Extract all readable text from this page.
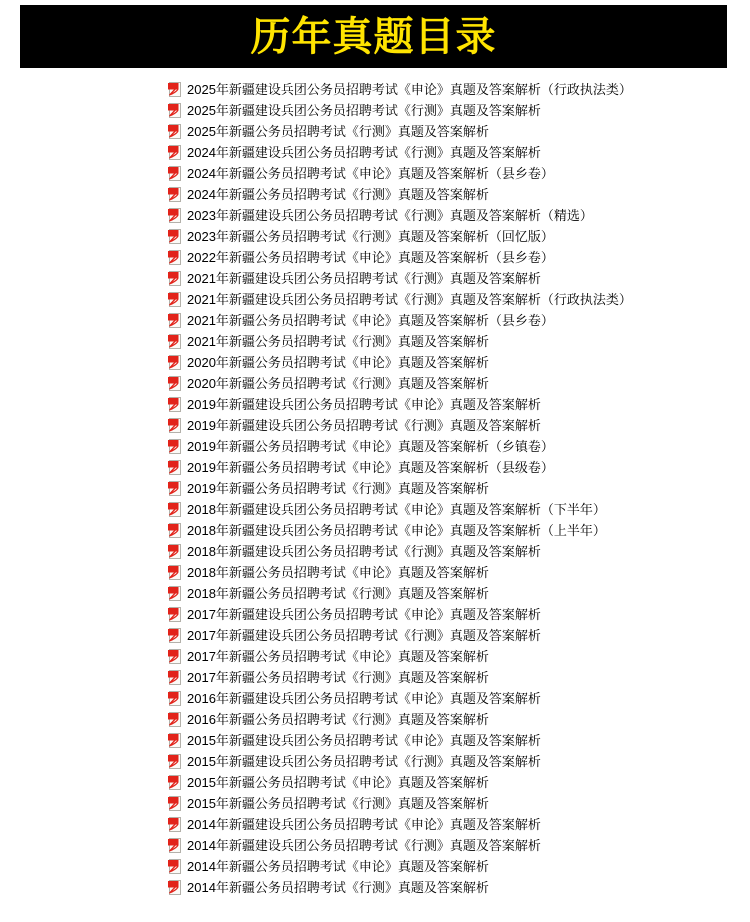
历年真题目录
2025年新疆建设兵团公务员招聘考试《申论》真题及答案解析（行政执法类）
2025年新疆建设兵团公务员招聘考试《行测》真题及答案解析
2025年新疆公务员招聘考试《行测》真题及答案解析
2024年新疆建设兵团公务员招聘考试《行测》真题及答案解析
2024年新疆公务员招聘考试《申论》真题及答案解析（县乡卷）
2024年新疆公务员招聘考试《行测》真题及答案解析
2023年新疆建设兵团公务员招聘考试《行测》真题及答案解析（精选）
2023年新疆公务员招聘考试《行测》真题及答案解析（回忆版）
2022年新疆公务员招聘考试《申论》真题及答案解析（县乡卷）
2021年新疆建设兵团公务员招聘考试《行测》真题及答案解析
2021年新疆建设兵团公务员招聘考试《行测》真题及答案解析（行政执法类）
2021年新疆公务员招聘考试《申论》真题及答案解析（县乡卷）
2021年新疆公务员招聘考试《行测》真题及答案解析
2020年新疆公务员招聘考试《申论》真题及答案解析
2020年新疆公务员招聘考试《行测》真题及答案解析
2019年新疆建设兵团公务员招聘考试《申论》真题及答案解析
2019年新疆建设兵团公务员招聘考试《行测》真题及答案解析
2019年新疆公务员招聘考试《申论》真题及答案解析（乡镇卷）
2019年新疆公务员招聘考试《申论》真题及答案解析（县级卷）
2019年新疆公务员招聘考试《行测》真题及答案解析
2018年新疆建设兵团公务员招聘考试《申论》真题及答案解析（下半年）
2018年新疆建设兵团公务员招聘考试《申论》真题及答案解析（上半年）
2018年新疆建设兵团公务员招聘考试《行测》真题及答案解析
2018年新疆公务员招聘考试《申论》真题及答案解析
2018年新疆公务员招聘考试《行测》真题及答案解析
2017年新疆建设兵团公务员招聘考试《申论》真题及答案解析
2017年新疆建设兵团公务员招聘考试《行测》真题及答案解析
2017年新疆公务员招聘考试《申论》真题及答案解析
2017年新疆公务员招聘考试《行测》真题及答案解析
2016年新疆建设兵团公务员招聘考试《申论》真题及答案解析
2016年新疆公务员招聘考试《行测》真题及答案解析
2015年新疆建设兵团公务员招聘考试《申论》真题及答案解析
2015年新疆建设兵团公务员招聘考试《行测》真题及答案解析
2015年新疆公务员招聘考试《申论》真题及答案解析
2015年新疆公务员招聘考试《行测》真题及答案解析
2014年新疆建设兵团公务员招聘考试《申论》真题及答案解析
2014年新疆建设兵团公务员招聘考试《行测》真题及答案解析
2014年新疆公务员招聘考试《申论》真题及答案解析
2014年新疆公务员招聘考试《行测》真题及答案解析
